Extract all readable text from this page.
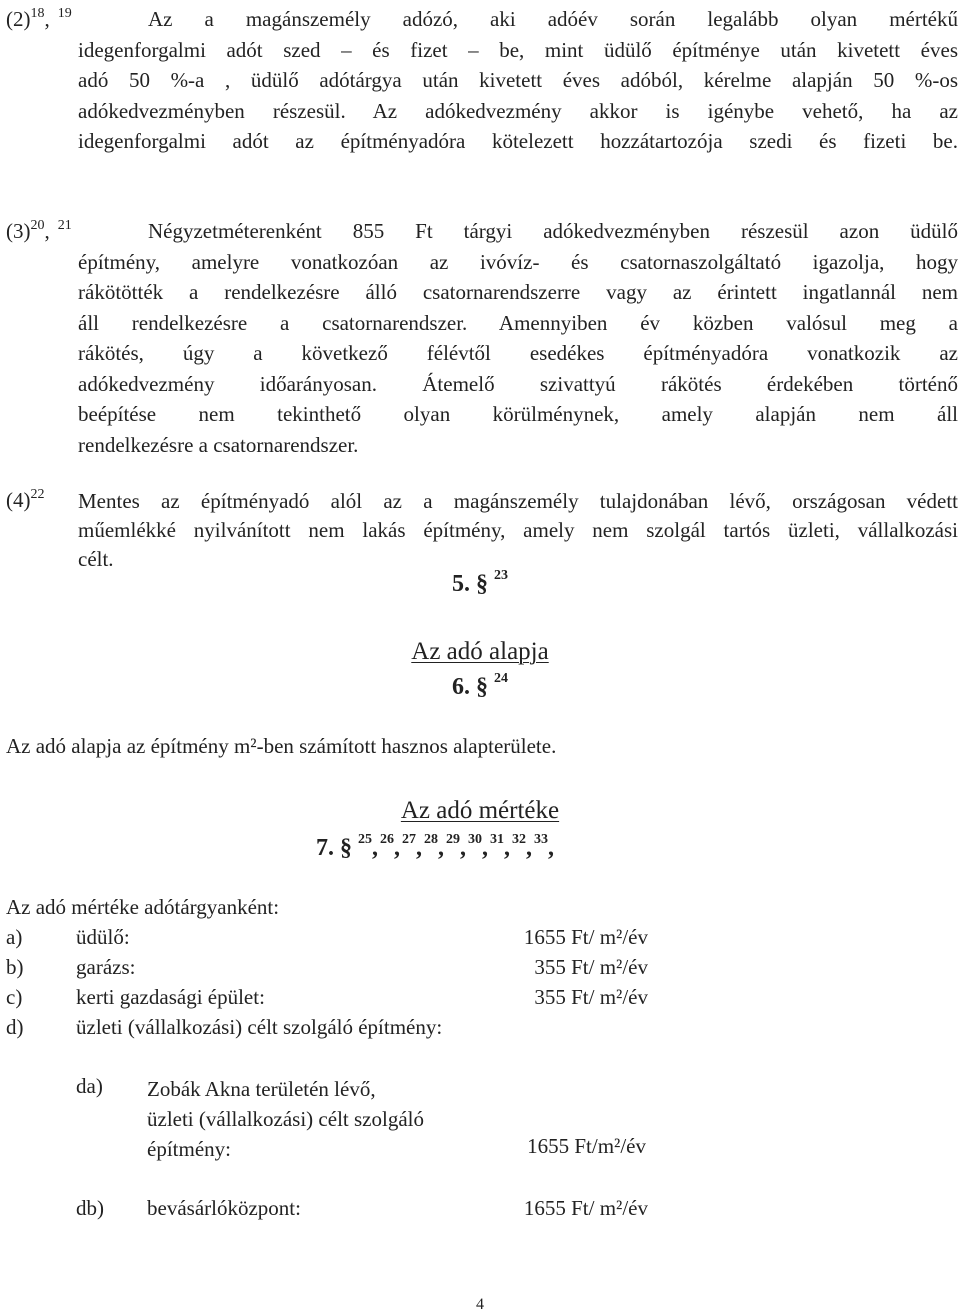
$(2)^{18}$, $^{19}$	Az a magánszemély adózó, aki adóév során legalább olyan mértékű
idegenforgalmi adót szed – és fizet – be, mint üdülő építménye után kivetett éves
adó 50 %-a , üdülő adótárgya után kivetett éves adóból, kérelme alapján 50 %-os
adókedvezményben részesül. Az adókedvezmény akkor is igénybe vehető, ha az
idegenforgalmi adót az építményadóra kötelezett hozzátartozója szedi és fizeti be.
$(3)^{20}$, $^{21}$	Négyzetméterenként 855 Ft tárgyi adókedvezményben részesül azon üdülő
építmény, amelyre vonatkozóan az ivóvíz- és csatornaszolgáltató igazolja, hogy
rákötötték a rendelkezésre álló csatornarendszerre vagy az érintett ingatlannál nem
áll rendelkezésre a csatornarendszer. Amennyiben év közben valósul meg a
rákötés, úgy a következő félévtől esedékes építményadóra vonatkozik az
adókedvezmény időarányosan. Átemelő szivattyú rákötés érdekében történő
beépítése nem tekinthető olyan körülménynek, amely alapján nem áll
rendelkezésre a csatornarendszer.
$(4)^{22}$ Mentes az építményadó alól az a magánszemély tulajdonában lévő, országosan védett
műemlékké nyilvánított nem lakás építmény, amely nem szolgál tartós üzleti, vállalkozási
célt.
5. § $^{23}$
Az adó alapja
6. § $^{24}$
Az adó alapja az építmény m²-ben számított hasznos alapterülete.
Az adó mértéke
7. § $^{25}$, $^{26}$, $^{27}$, $^{28}$, $^{29}$, $^{30}$, $^{31}$, $^{32}$, $^{33}$,
Az adó mértéke adótárgyanként:
a)	üdülő:	1655 Ft/ m²/év
b)	garázs:	355 Ft/ m²/év
c)	kerti gazdasági épület:	355 Ft/ m²/év
d)	üzleti (vállalkozási) célt szolgáló építmény:
da) Zobák Akna területén lévő,
üzleti (vállalkozási) célt szolgáló
építmény:	1655 Ft/m²/év
db) bevásárlóközpont:	1655 Ft/ m²/év
4
